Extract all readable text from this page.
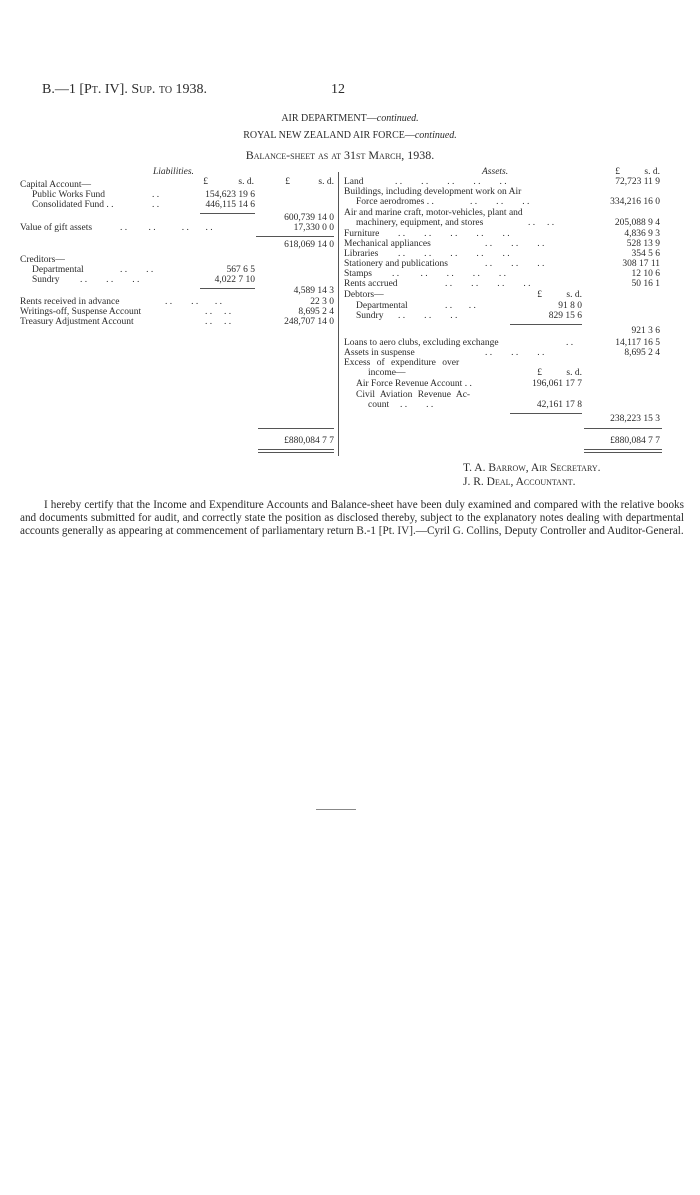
B.—1 [Pt. IV]. Sup. to 1938.	12
AIR DEPARTMENT—continued.
ROYAL NEW ZEALAND AIR FORCE—continued.
Balance-sheet as at 31st March, 1938.
Liabilities.
£	s. d.	£	s. d.
Capital Account—
Public Works Fund	. .	154,623 19 6
Consolidated Fund . .	. .	446,115 14 6
600,739 14 0
Value of gift assets	. .         . .           . .       . .	17,330 0 0
618,069 14 0
Creditors—
Departmental	. .        . .	567 6 5
Sundry . .        . .        . .	4,022 7 10
4,589 14 3
Rents received in advance	. .        . .       . .	22 3 0
Writings-off, Suspense Account	. .     . .	8,695 2 4
Treasury Adjustment Account	. .     . .	248,707 14 0
£880,084 7 7
Assets.	£	s. d.
Land	. .        . .        . .        . .        . .	72,723 11 9
Buildings, including development work on Air
Force aerodromes . .	. .        . .        . .	334,216 16 0
Air and marine craft, motor-vehicles, plant and
machinery, equipment, and stores	. .     . .	205,088 9 4
Furniture . .        . .        . .        . .        . .	4,836 9 3
Mechanical appliances	. .        . .        . .	528 13 9
Libraries . .        . .        . .        . .        . .	354 5 6
Stationery and publications	. .        . .        . .	308 17 11
Stamps . .         . .        . .        . .        . .	12 10 6
Rents accrued	. .        . .        . .        . .	50 16 1
Debtors—	£	s. d.
Departmental	. .       . .	91 8 0
Sundry . .        . .        . .	829 15 6
921 3 6
Loans to aero clubs, excluding exchange	. .	14,117 16 5
Assets in suspense	. .        . .        . .	8,695 2 4
Excess of expenditure over
income—	£	s. d.
Air Force Revenue Account . .	196,061 17 7
Civil Aviation Revenue Ac-
count . .        . .	42,161 17 8
238,223 15 3
£880,084 7 7
T. A. Barrow, Air Secretary.
J. R. Deal, Accountant.

I hereby certify that the Income and Expenditure Accounts and Balance-sheet have been duly examined and compared with the relative books and documents submitted for audit, and correctly state the position as disclosed thereby, subject to the explanatory notes dealing with departmental accounts generally as appearing at commencement of parliamentary return B.-1 [Pt. IV].—Cyril G. Collins, Deputy Controller and Auditor-General.
